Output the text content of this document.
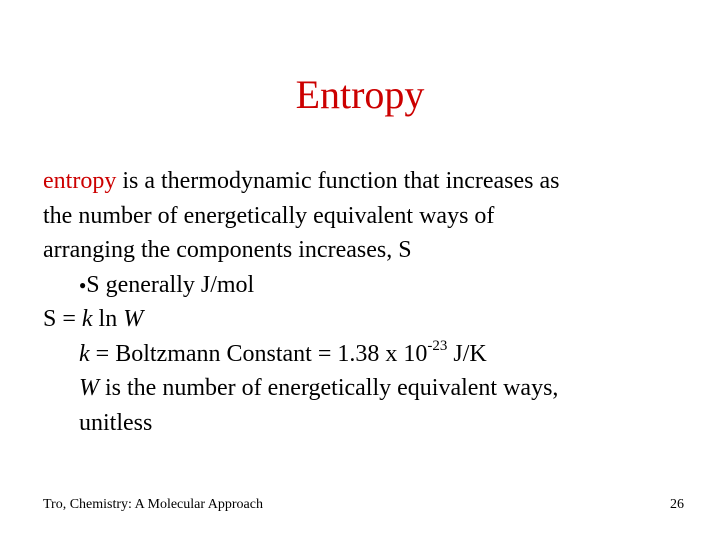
Entropy
entropy is a thermodynamic function that increases as
the number of energetically equivalent ways of
arranging the components increases, S
●S generally J/mol
S = k ln W
k = Boltzmann Constant = 1.38 x $10^{-23}$ J/K
W is the number of energetically equivalent ways,
unitless
Tro, Chemistry: A Molecular Approach	26
